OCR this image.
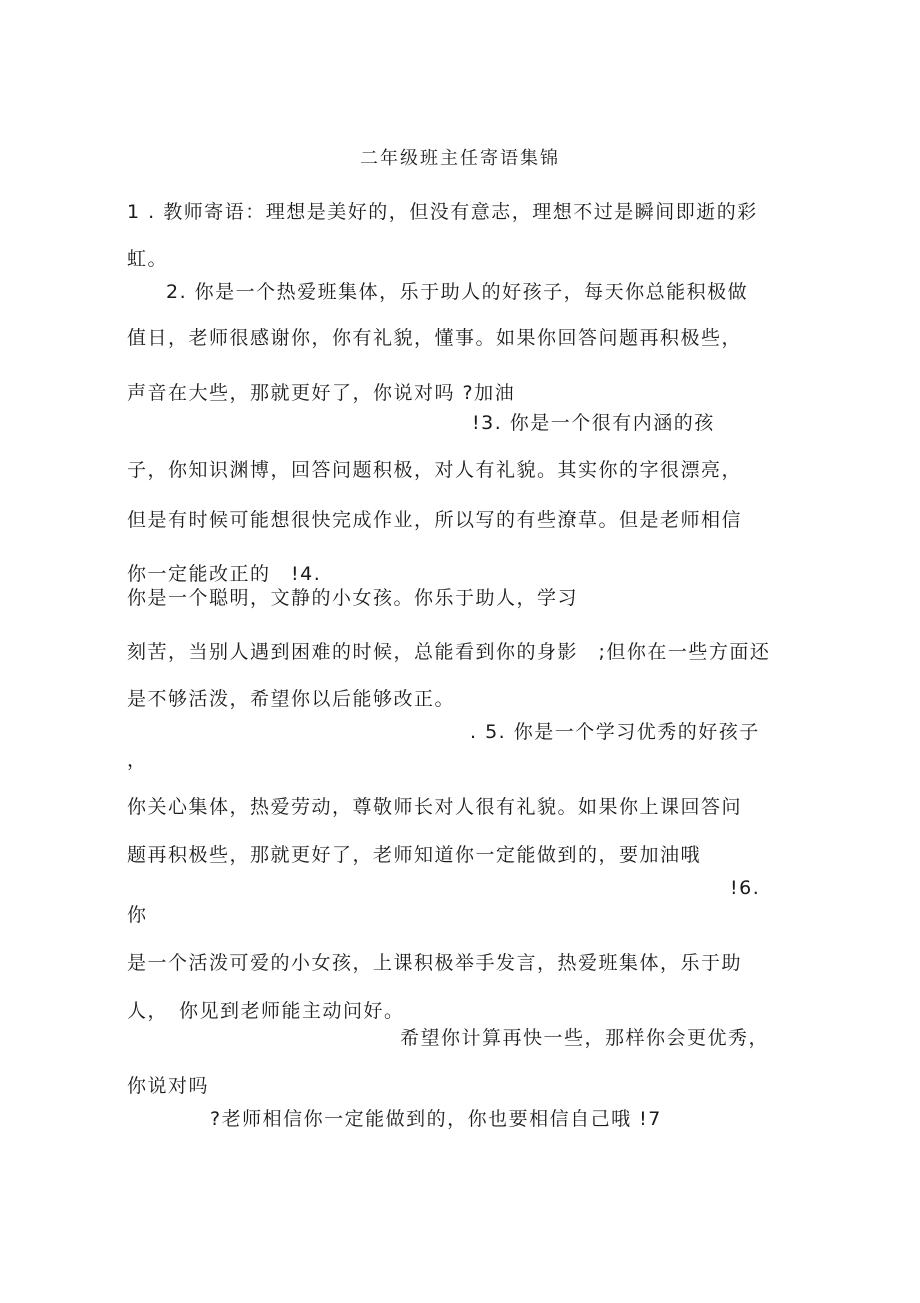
二年级班主任寄语集锦
1 . 教师寄语：理想是美好的，但没有意志，理想不过是瞬间即逝的彩
虹。
2. 你是一个热爱班集体，乐于助人的好孩子，每天你总能积极做
值日，老师很感谢你，你有礼貌，懂事。如果你回答问题再积极些，
声音在大些，那就更好了，你说对吗 ?加油
!3. 你是一个很有内涵的孩
子，你知识渊博，回答问题积极，对人有礼貌。其实你的字很漂亮，
但是有时候可能想很快完成作业，所以写的有些潦草。但是老师相信
你一定能改正的　!4.
你是一个聪明，文静的小女孩。你乐于助人，学习
刻苦，当别人遇到困难的时候，总能看到你的身影　;但你在一些方面还
是不够活泼，希望你以后能够改正。
. 5. 你是一个学习优秀的好孩子
，
你关心集体，热爱劳动，尊敬师长对人很有礼貌。如果你上课回答问
题再积极些，那就更好了，老师知道你一定能做到的，要加油哦
!6.
你
是一个活泼可爱的小女孩，上课积极举手发言，热爱班集体，乐于助
人，　你见到老师能主动问好。
希望你计算再快一些，那样你会更优秀，
你说对吗
?老师相信你一定能做到的，你也要相信自己哦 !7
